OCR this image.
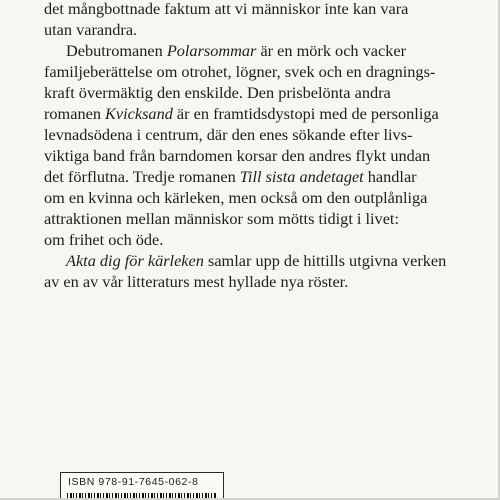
det mångbottnade faktum att vi människor inte kan vara
utan varandra.
Debutromanen Polarsommar är en mörk och vacker
familjeberättelse om otrohet, lögner, svek och en dragnings-
kraft övermäktig den enskilde. Den prisbelönta andra
romanen Kvicksand är en framtidsdystopi med de personliga
levnadsödena i centrum, där den enes sökande efter livs-
viktiga band från barndomen korsar den andres flykt undan
det förflutna. Tredje romanen Till sista andetaget handlar
om en kvinna och kärleken, men också om den outplånliga
attraktionen mellan människor som mötts tidigt i livet:
om frihet och öde.
Akta dig för kärleken samlar upp de hittills utgivna verken
av en av vår litteraturs mest hyllade nya röster.
ISBN 978-91-7645-062-8
